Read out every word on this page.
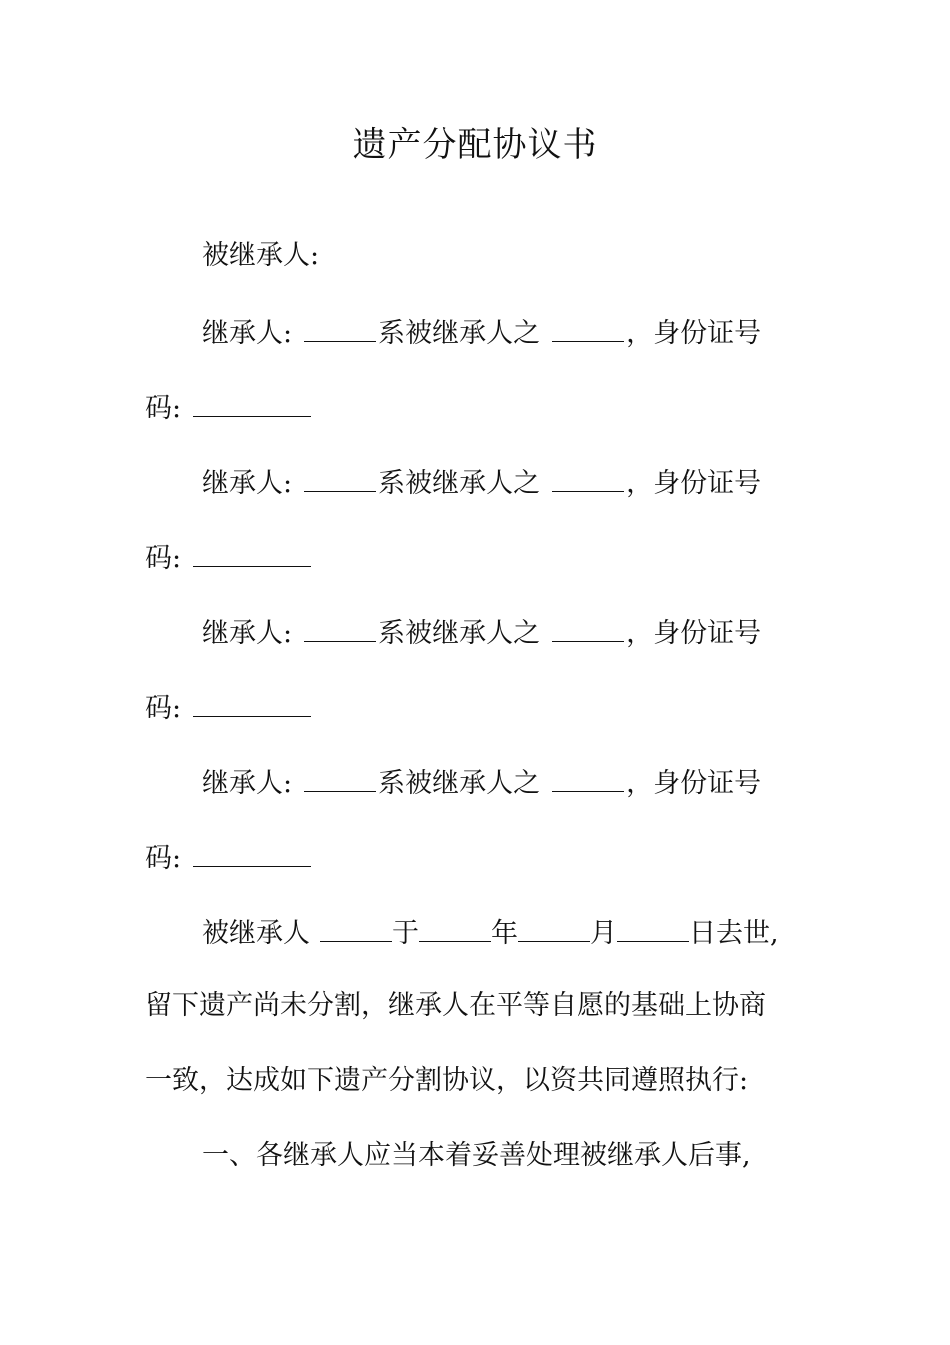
遗产分配协议书
被继承人:
继承人:	系被继承人之	，身份证号
码:
继承人:	系被继承人之	，身份证号
码:
继承人:	系被继承人之	，身份证号
码:
继承人:	系被继承人之	，身份证号
码:
被继承人	于	年	月	日去世,
留下遗产尚未分割，继承人在平等自愿的基础上协商
一致，达成如下遗产分割协议，以资共同遵照执行:
一、各继承人应当本着妥善处理被继承人后事,
